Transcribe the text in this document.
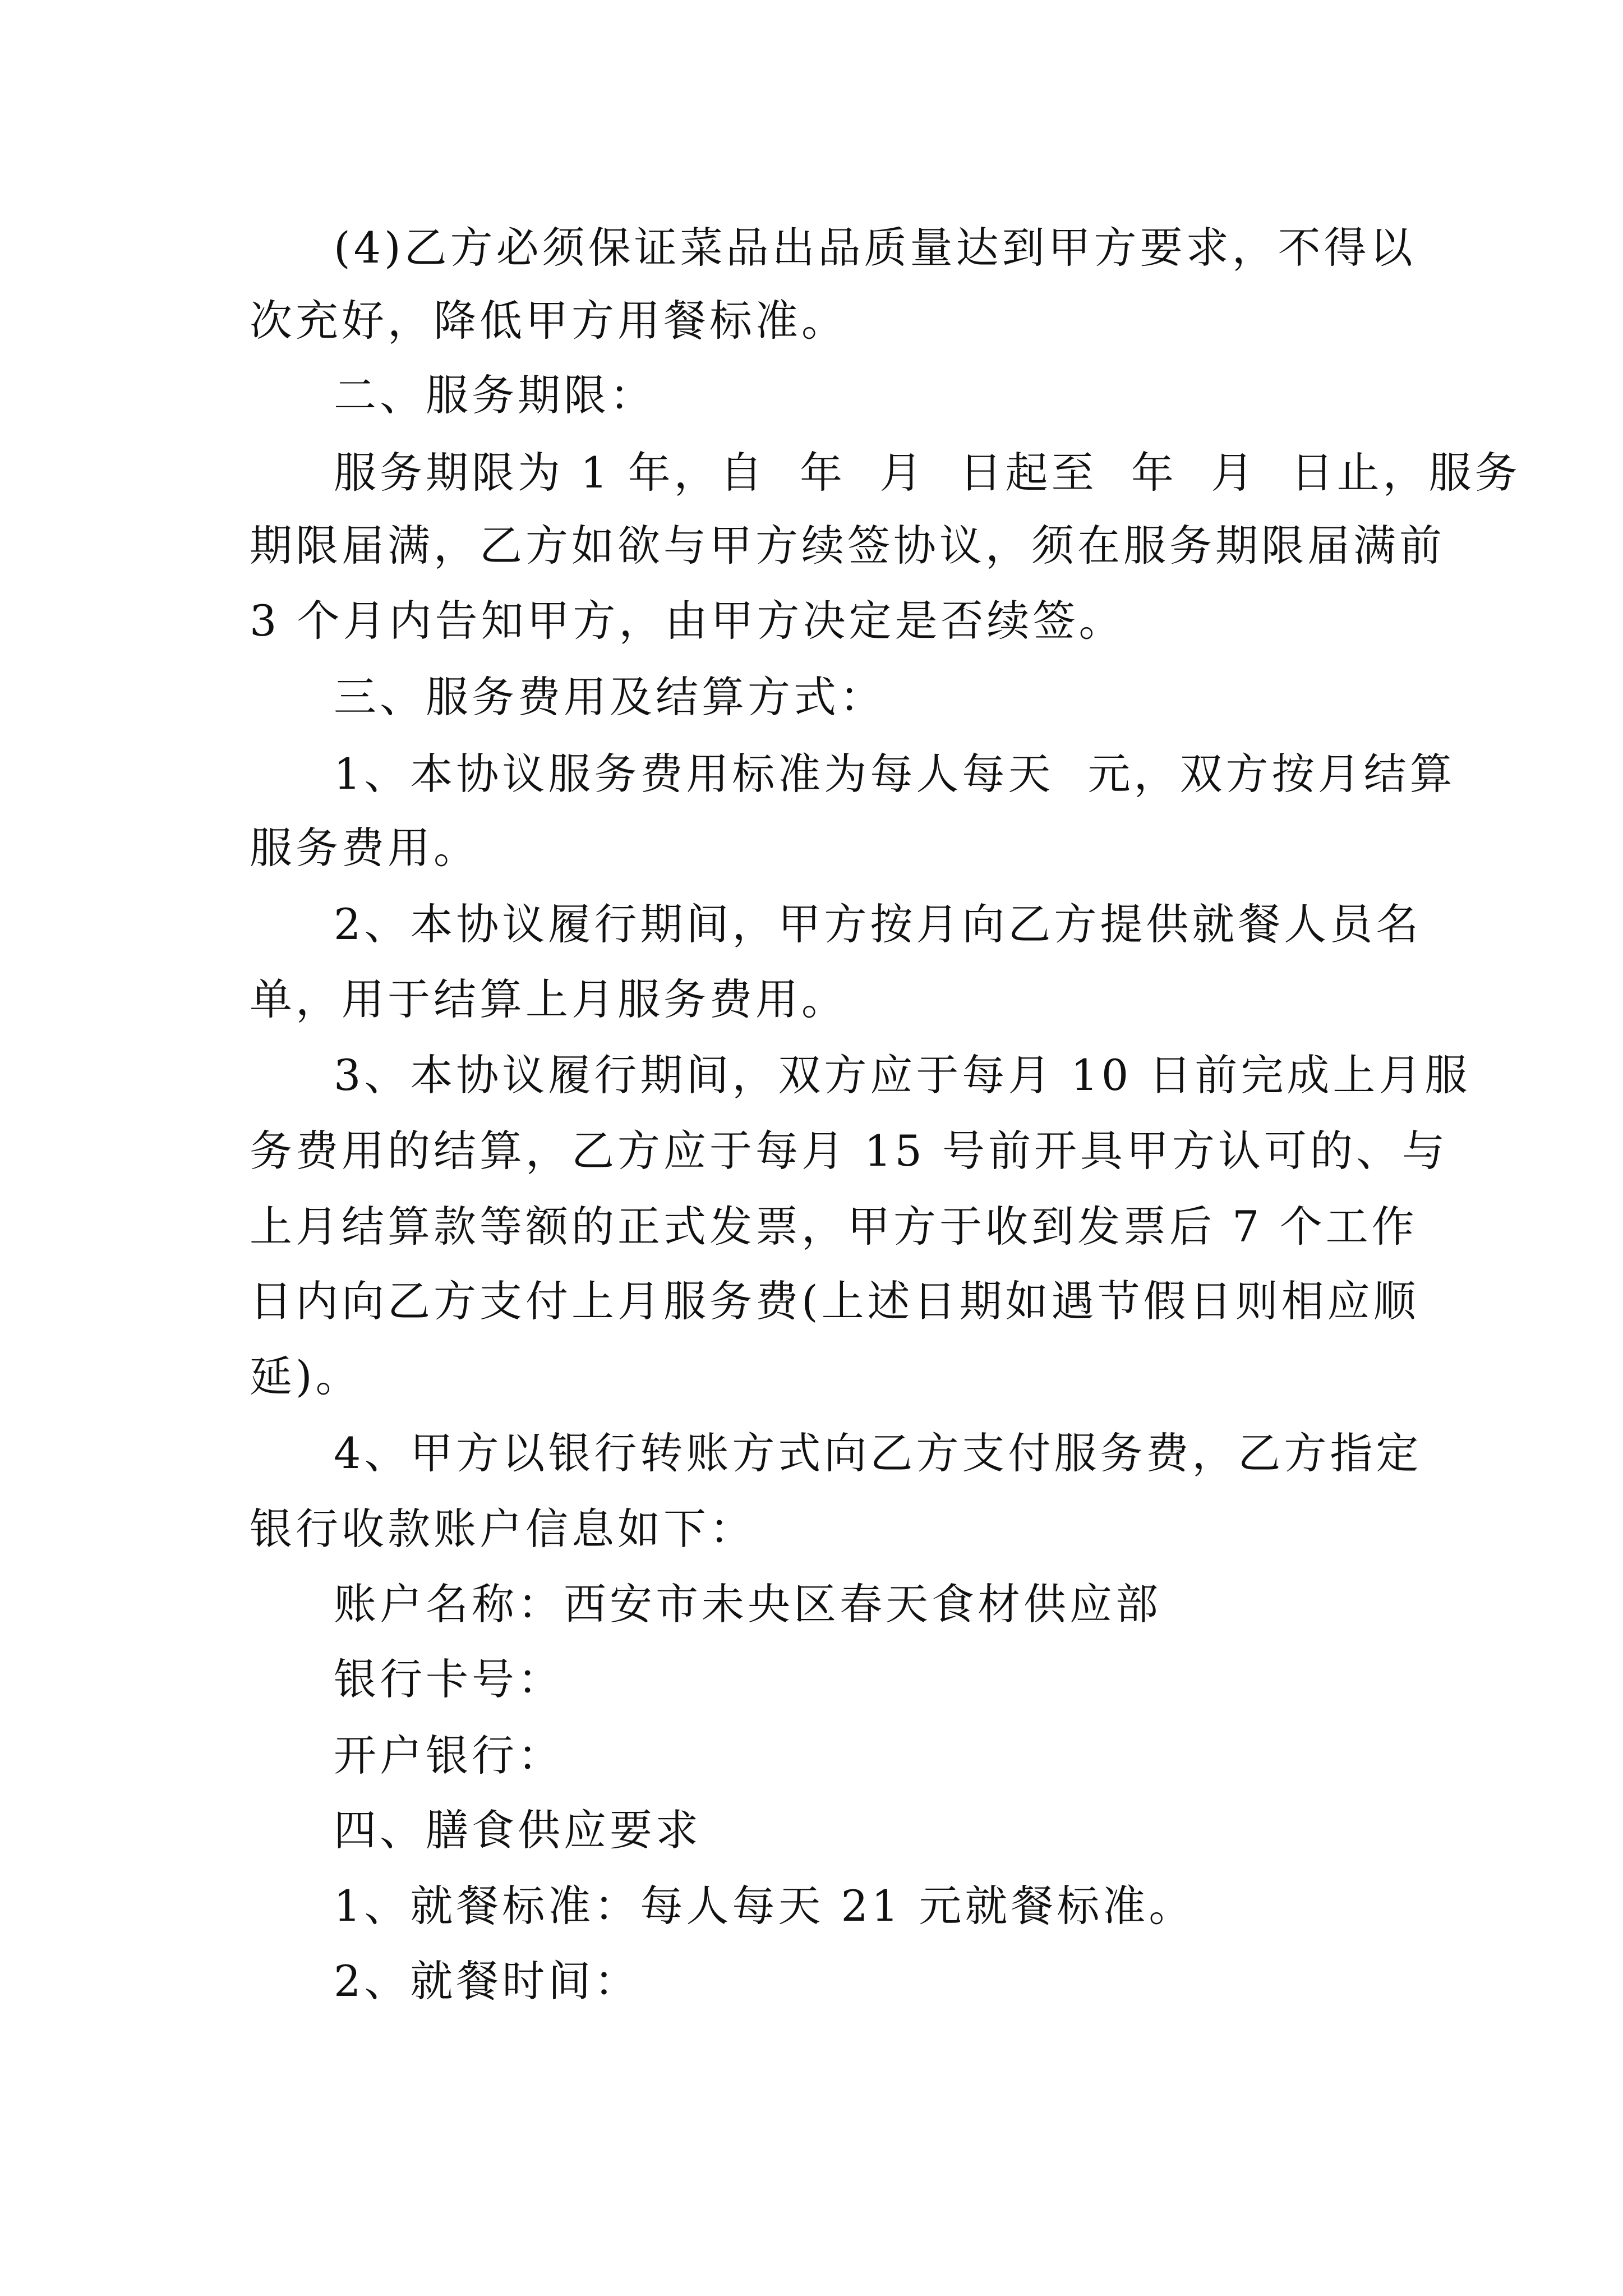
(4)乙方必须保证菜品出品质量达到甲方要求，不得以

次充好，降低甲方用餐标准。

二、服务期限：

服务期限为 1 年，自  年  月  日起至  年  月  日止，服务

期限届满，乙方如欲与甲方续签协议，须在服务期限届满前

3 个月内告知甲方，由甲方决定是否续签。

三、服务费用及结算方式：

1、本协议服务费用标准为每人每天  元，双方按月结算

服务费用。

2、本协议履行期间，甲方按月向乙方提供就餐人员名

单，用于结算上月服务费用。

3、本协议履行期间，双方应于每月 10 日前完成上月服

务费用的结算，乙方应于每月 15 号前开具甲方认可的、与

上月结算款等额的正式发票，甲方于收到发票后 7 个工作

日内向乙方支付上月服务费(上述日期如遇节假日则相应顺

延)。

4、甲方以银行转账方式向乙方支付服务费，乙方指定

银行收款账户信息如下：

账户名称：西安市未央区春天食材供应部

银行卡号：

开户银行：

四、膳食供应要求

1、就餐标准：每人每天 21 元就餐标准。

2、就餐时间：
